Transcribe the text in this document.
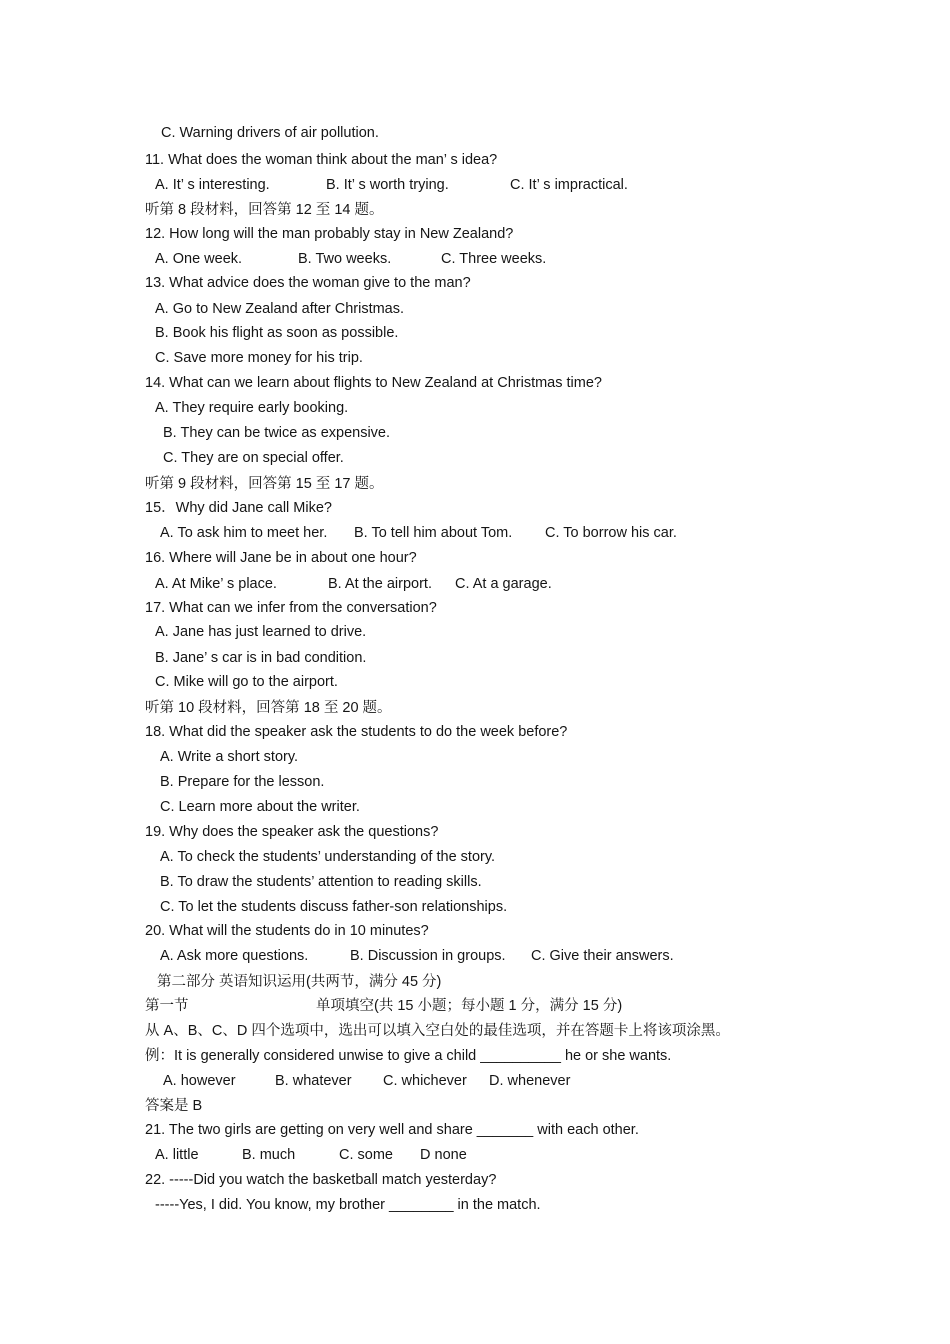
C. Warning drivers of air pollution.
11. What does the woman think about the man’ s idea?
A. It’ s interesting.	B. It’ s worth trying.	C. It’ s impractical.
听第 8 段材料，回答第 12 至 14 题。
12. How long will the man probably stay in New Zealand?
A. One week.	B. Two weeks.	C. Three weeks.
13. What advice does the woman give to the man?
A. Go to New Zealand after Christmas.
B. Book his flight as soon as possible.
C. Save more money for his trip.
14. What can we learn about flights to New Zealand at Christmas time?
A. They require early booking.
B. They can be twice as expensive.
C. They are on special offer.
听第 9 段材料，回答第 15 至 17 题。
15．Why did Jane call Mike?
A. To ask him to meet her. B. To tell him about Tom. C. To borrow his car.
16. Where will Jane be in about one hour?
A. At Mike’ s place.	B. At the airport. C. At a garage.
17. What can we infer from the conversation?
A. Jane has just learned to drive.
B. Jane’ s car is in bad condition.
C. Mike will go to the airport.
听第 10 段材料，回答第 18 至 20 题。
18. What did the speaker ask the students to do the week before?
A. Write a short story.
B. Prepare for the lesson.
C. Learn more about the writer.
19. Why does the speaker ask the questions?
A. To check the students’ understanding of the story.
B. To draw the students’ attention to reading skills.
C. To let the students discuss father-son relationships.
20. What will the students do in 10 minutes?
A. Ask more questions.	B. Discussion in groups. C. Give their answers.
第二部分 英语知识运用(共两节，满分 45 分)
第一节	单项填空(共 15 小题；每小题 1 分，满分 15 分)
从 A、B、C、D 四个选项中，选出可以填入空白处的最佳选项，并在答题卡上将该项涂黑。
例：It is generally considered unwise to give a child __________ he or she wants.
A. however	B. whatever C. whichever D. whenever
答案是 B
21. The two girls are getting on very well and share _______ with each other.
A. little	B. much	C. some D none
22. -----Did you watch the basketball match yesterday?
-----Yes, I did. You know, my brother ________ in the match.
